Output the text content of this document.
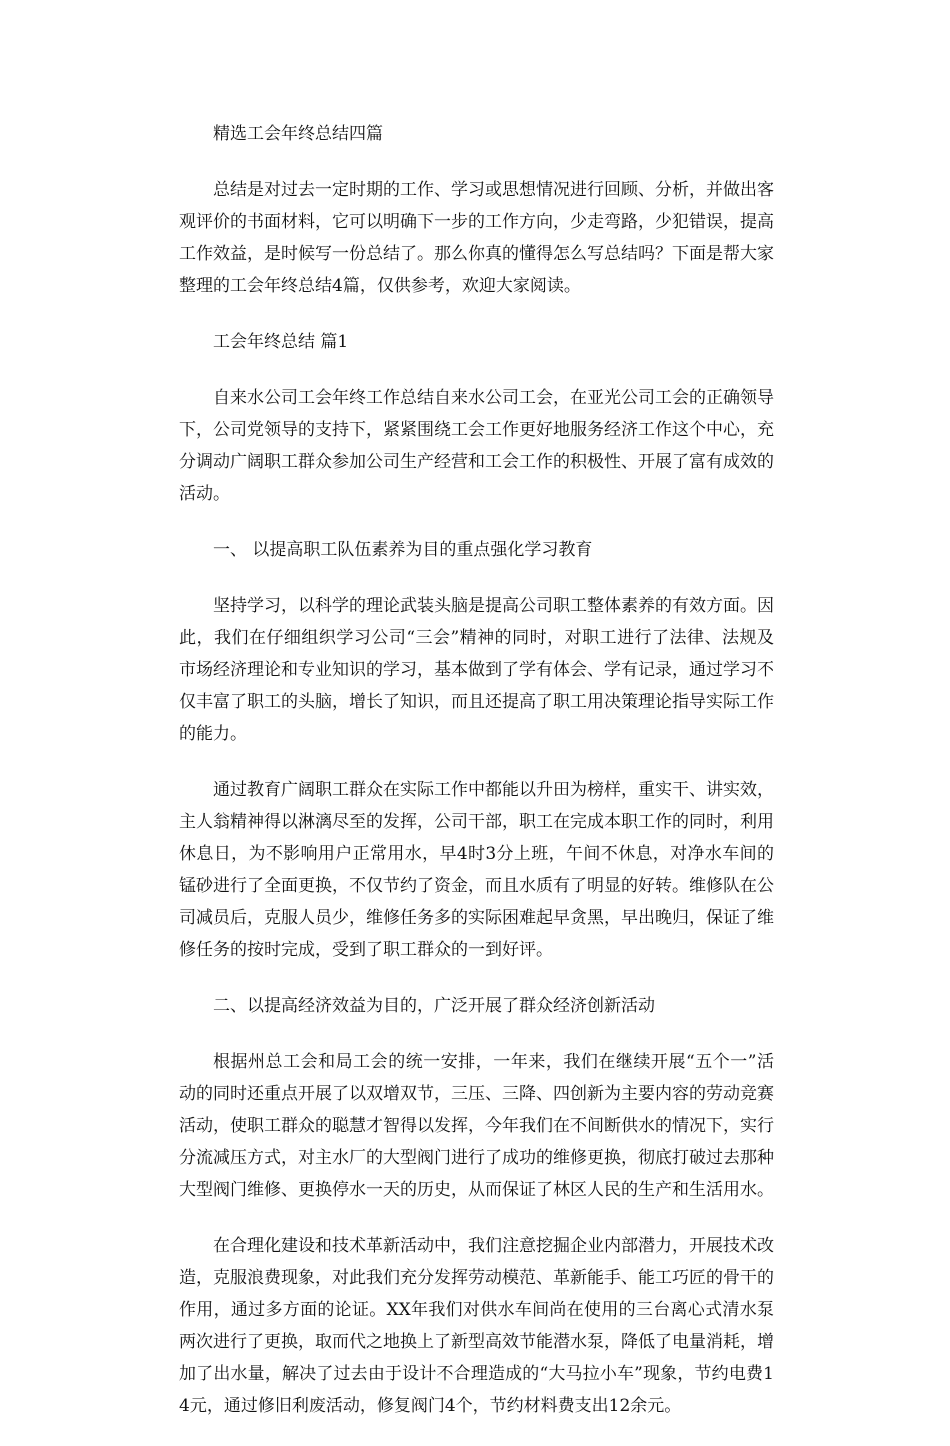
精选工会年终总结四篇

总结是对过去一定时期的工作、学习或思想情况进行回顾、分析，并做出客观评价的书面材料，它可以明确下一步的工作方向，少走弯路，少犯错误，提高工作效益，是时候写一份总结了。那么你真的懂得怎么写总结吗？下面是帮大家整理的工会年终总结4篇，仅供参考，欢迎大家阅读。

工会年终总结 篇1

自来水公司工会年终工作总结自来水公司工会，在亚光公司工会的正确领导下，公司党领导的支持下，紧紧围绕工会工作更好地服务经济工作这个中心，充分调动广阔职工群众参加公司生产经营和工会工作的积极性、开展了富有成效的活动。

一、 以提高职工队伍素养为目的重点强化学习教育

坚持学习，以科学的理论武装头脑是提高公司职工整体素养的有效方面。因此，我们在仔细组织学习公司“三会”精神的同时，对职工进行了法律、法规及市场经济理论和专业知识的学习，基本做到了学有体会、学有记录，通过学习不仅丰富了职工的头脑，增长了知识，而且还提高了职工用决策理论指导实际工作的能力。

通过教育广阔职工群众在实际工作中都能以升田为榜样，重实干、讲实效，主人翁精神得以淋漓尽至的发挥，公司干部，职工在完成本职工作的同时，利用休息日，为不影响用户正常用水，早4时3分上班，午间不休息，对净水车间的锰砂进行了全面更换，不仅节约了资金，而且水质有了明显的好转。维修队在公司减员后，克服人员少，维修任务多的实际困难起早贪黑，早出晚归，保证了维修任务的按时完成，受到了职工群众的一到好评。

二、以提高经济效益为目的，广泛开展了群众经济创新活动

根据州总工会和局工会的统一安排，一年来，我们在继续开展“五个一”活动的同时还重点开展了以双增双节，三压、三降、四创新为主要内容的劳动竞赛活动，使职工群众的聪慧才智得以发挥，今年我们在不间断供水的情况下，实行分流减压方式，对主水厂的大型阀门进行了成功的维修更换，彻底打破过去那种大型阀门维修、更换停水一天的历史，从而保证了林区人民的生产和生活用水。

在合理化建设和技术革新活动中，我们注意挖掘企业内部潜力，开展技术改造，克服浪费现象，对此我们充分发挥劳动模范、革新能手、能工巧匠的骨干的作用，通过多方面的论证。XX年我们对供水车间尚在使用的三台离心式清水泵两次进行了更换，取而代之地换上了新型高效节能潜水泵，降低了电量消耗，增加了出水量，解决了过去由于设计不合理造成的“大马拉小车”现象，节约电费14元，通过修旧利废活动，修复阀门4个，节约材料费支出12余元。
